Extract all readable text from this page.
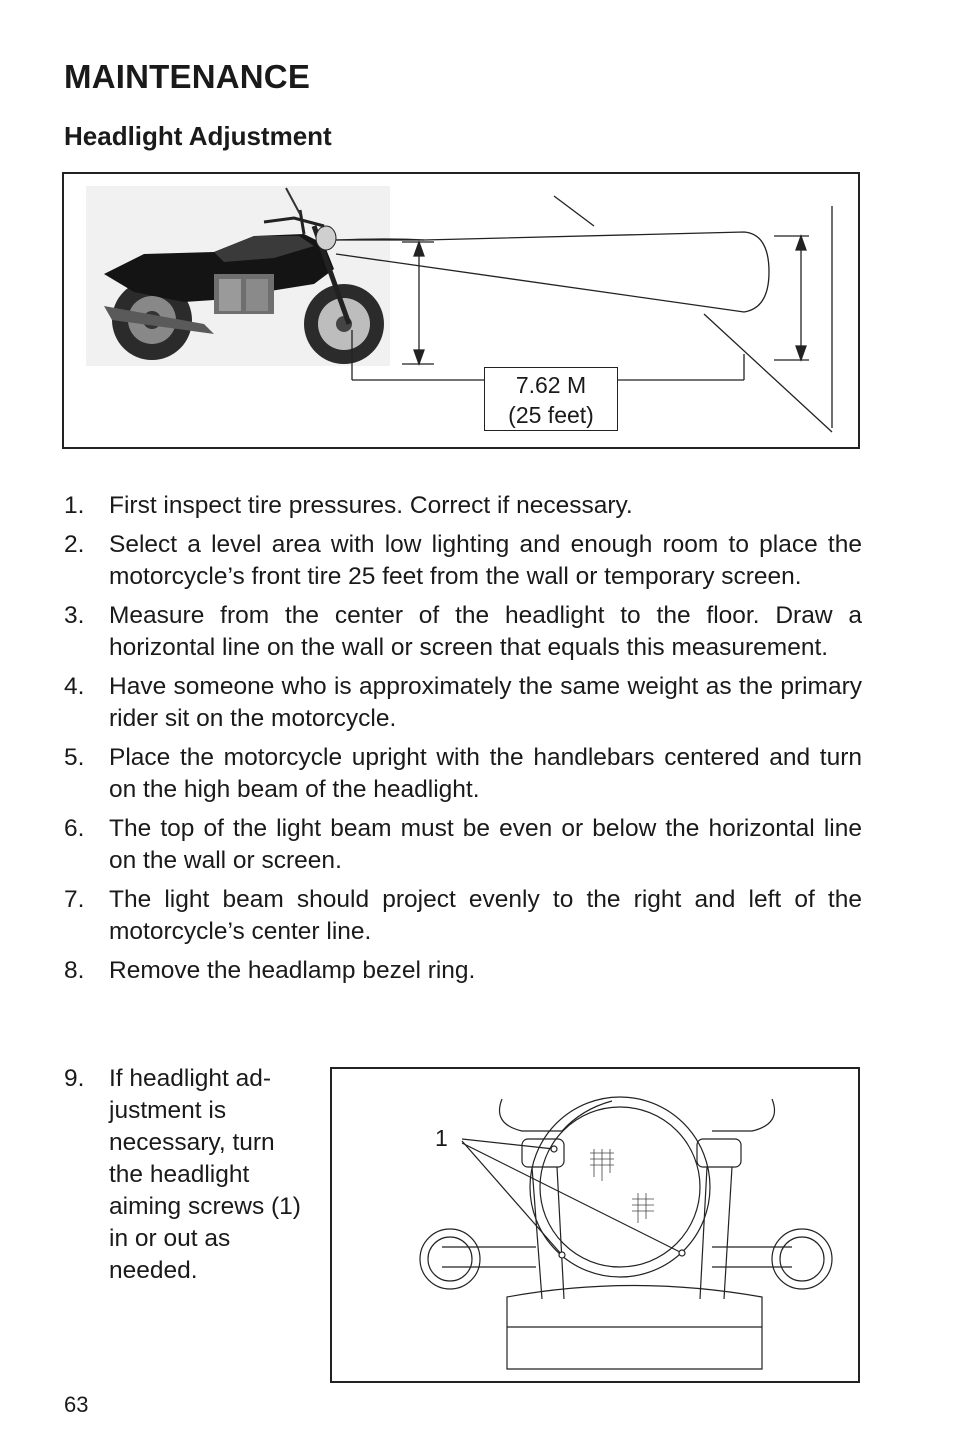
MAINTENANCE
Headlight Adjustment
7.62 M
(25 feet)
1. First inspect tire pressures. Correct if necessary.
2. Select a level area with low lighting and enough room to place the motorcycle’s front tire 25 feet from the wall or temporary screen.
3. Measure from the center of the headlight to the floor. Draw a horizontal line on the wall or screen that equals this measurement.
4. Have someone who is approximately the same weight as the primary rider sit on the motorcycle.
5. Place the motorcycle upright with the handlebars centered and turn on the high beam of the headlight.
6. The top of the light beam must be even or below the horizontal line on the wall or screen.
7. The light beam should project evenly to the right and left of the motorcycle’s center line.
8. Remove the headlamp bezel ring.
9. If headlight ad-justment is necessary, turn the headlight aiming screws (1) in or out as needed.
1
63
